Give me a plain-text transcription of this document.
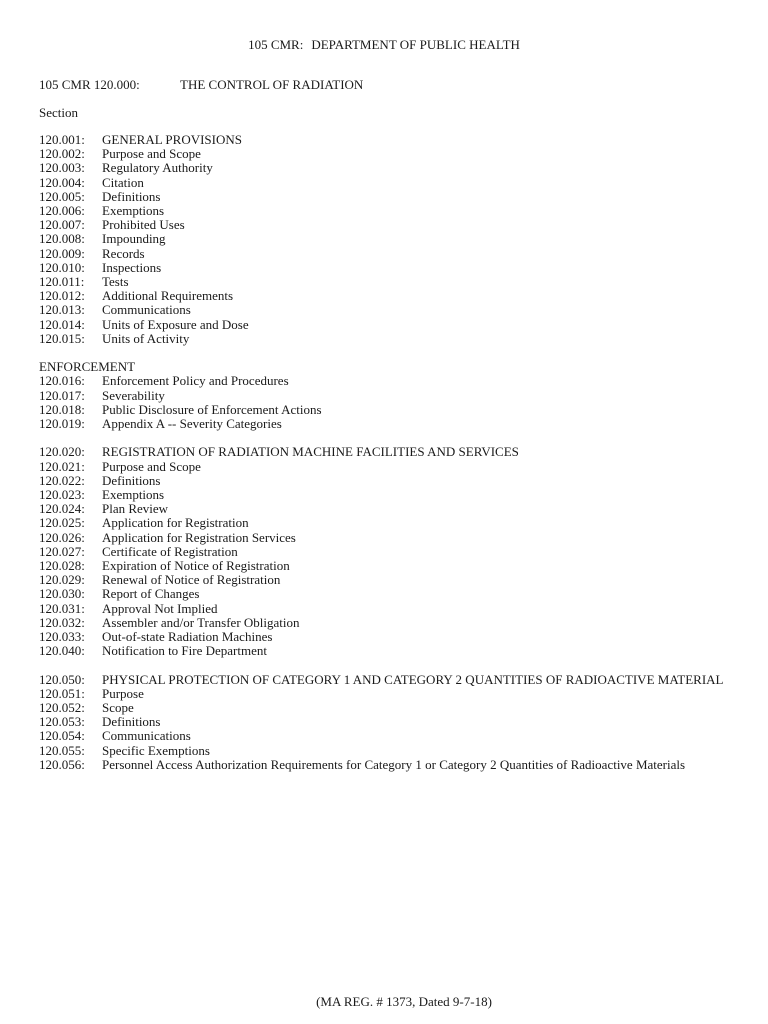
105 CMR: DEPARTMENT OF PUBLIC HEALTH
105 CMR 120.000:	THE CONTROL OF RADIATION
Section
120.001:	GENERAL PROVISIONS
120.002:	Purpose and Scope
120.003:	Regulatory Authority
120.004:	Citation
120.005:	Definitions
120.006:	Exemptions
120.007:	Prohibited Uses
120.008:	Impounding
120.009:	Records
120.010:	Inspections
120.011:	Tests
120.012:	Additional Requirements
120.013:	Communications
120.014:	Units of Exposure and Dose
120.015:	Units of Activity
ENFORCEMENT
120.016:	Enforcement Policy and Procedures
120.017:	Severability
120.018:	Public Disclosure of Enforcement Actions
120.019:	Appendix A -- Severity Categories
120.020:	REGISTRATION OF RADIATION MACHINE FACILITIES AND SERVICES
120.021:	Purpose and Scope
120.022:	Definitions
120.023:	Exemptions
120.024:	Plan Review
120.025:	Application for Registration
120.026:	Application for Registration Services
120.027:	Certificate of Registration
120.028:	Expiration of Notice of Registration
120.029:	Renewal of Notice of Registration
120.030:	Report of Changes
120.031:	Approval Not Implied
120.032:	Assembler and/or Transfer Obligation
120.033:	Out-of-state Radiation Machines
120.040:	Notification to Fire Department
120.050:	PHYSICAL PROTECTION OF CATEGORY 1 AND CATEGORY 2 QUANTITIES OF RADIOACTIVE MATERIAL
120.051:	Purpose
120.052:	Scope
120.053:	Definitions
120.054:	Communications
120.055:	Specific Exemptions
120.056:	Personnel Access Authorization Requirements for Category 1 or Category 2 Quantities of Radioactive Materials
(MA REG. # 1373, Dated 9-7-18)
